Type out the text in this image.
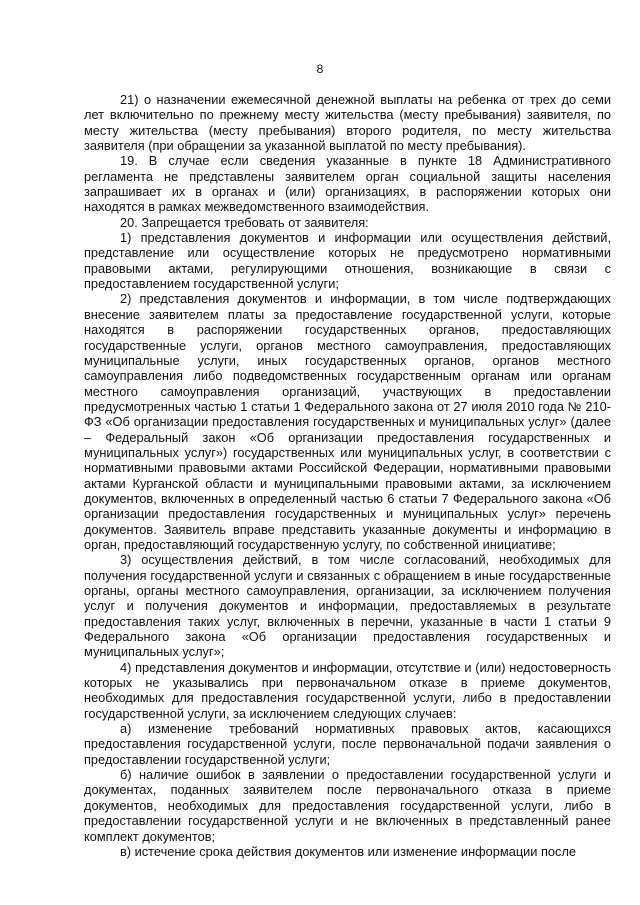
8

21) о назначении ежемесячной денежной выплаты на ребенка от трех до семи лет включительно по прежнему месту жительства (месту пребывания) заявителя, по месту жительства (месту пребывания) второго родителя, по месту жительства заявителя (при обращении за указанной выплатой по месту пребывания).

19. В случае если сведения указанные в пункте 18 Административного регламента не представлены заявителем орган социальной защиты населения запрашивает их в органах и (или) организациях, в распоряжении которых они находятся в рамках межведомственного взаимодействия.

20. Запрещается требовать от заявителя:

1) представления документов и информации или осуществления действий, представление или осуществление которых не предусмотрено нормативными правовыми актами, регулирующими отношения, возникающие в связи с предоставлением государственной услуги;

2) представления документов и информации, в том числе подтверждающих внесение заявителем платы за предоставление государственной услуги, которые находятся в распоряжении государственных органов, предоставляющих государственные услуги, органов местного самоуправления, предоставляющих муниципальные услуги, иных государственных органов, органов местного самоуправления либо подведомственных государственным органам или органам местного самоуправления организаций, участвующих в предоставлении предусмотренных частью 1 статьи 1 Федерального закона от 27 июля 2010 года № 210-ФЗ «Об организации предоставления государственных и муниципальных услуг» (далее – Федеральный закон «Об организации предоставления государственных и муниципальных услуг») государственных или муниципальных услуг, в соответствии с нормативными правовыми актами Российской Федерации, нормативными правовыми актами Курганской области и муниципальными правовыми актами, за исключением документов, включенных в определенный частью 6 статьи 7 Федерального закона «Об организации предоставления государственных и муниципальных услуг» перечень документов. Заявитель вправе представить указанные документы и информацию в орган, предоставляющий государственную услугу, по собственной инициативе;

3) осуществления действий, в том числе согласований, необходимых для получения государственной услуги и связанных с обращением в иные государственные органы, органы местного самоуправления, организации, за исключением получения услуг и получения документов и информации, предоставляемых в результате предоставления таких услуг, включенных в перечни, указанные в части 1 статьи 9 Федерального закона «Об организации предоставления государственных и муниципальных услуг»;

4) представления документов и информации, отсутствие и (или) недостоверность которых не указывались при первоначальном отказе в приеме документов, необходимых для предоставления государственной услуги, либо в предоставлении государственной услуги, за исключением следующих случаев:

а) изменение требований нормативных правовых актов, касающихся предоставления государственной услуги, после первоначальной подачи заявления о предоставлении государственной услуги;

б) наличие ошибок в заявлении о предоставлении государственной услуги и документах, поданных заявителем после первоначального отказа в приеме документов, необходимых для предоставления государственной услуги, либо в предоставлении государственной услуги и не включенных в представленный ранее комплект документов;

в) истечение срока действия документов или изменение информации после
